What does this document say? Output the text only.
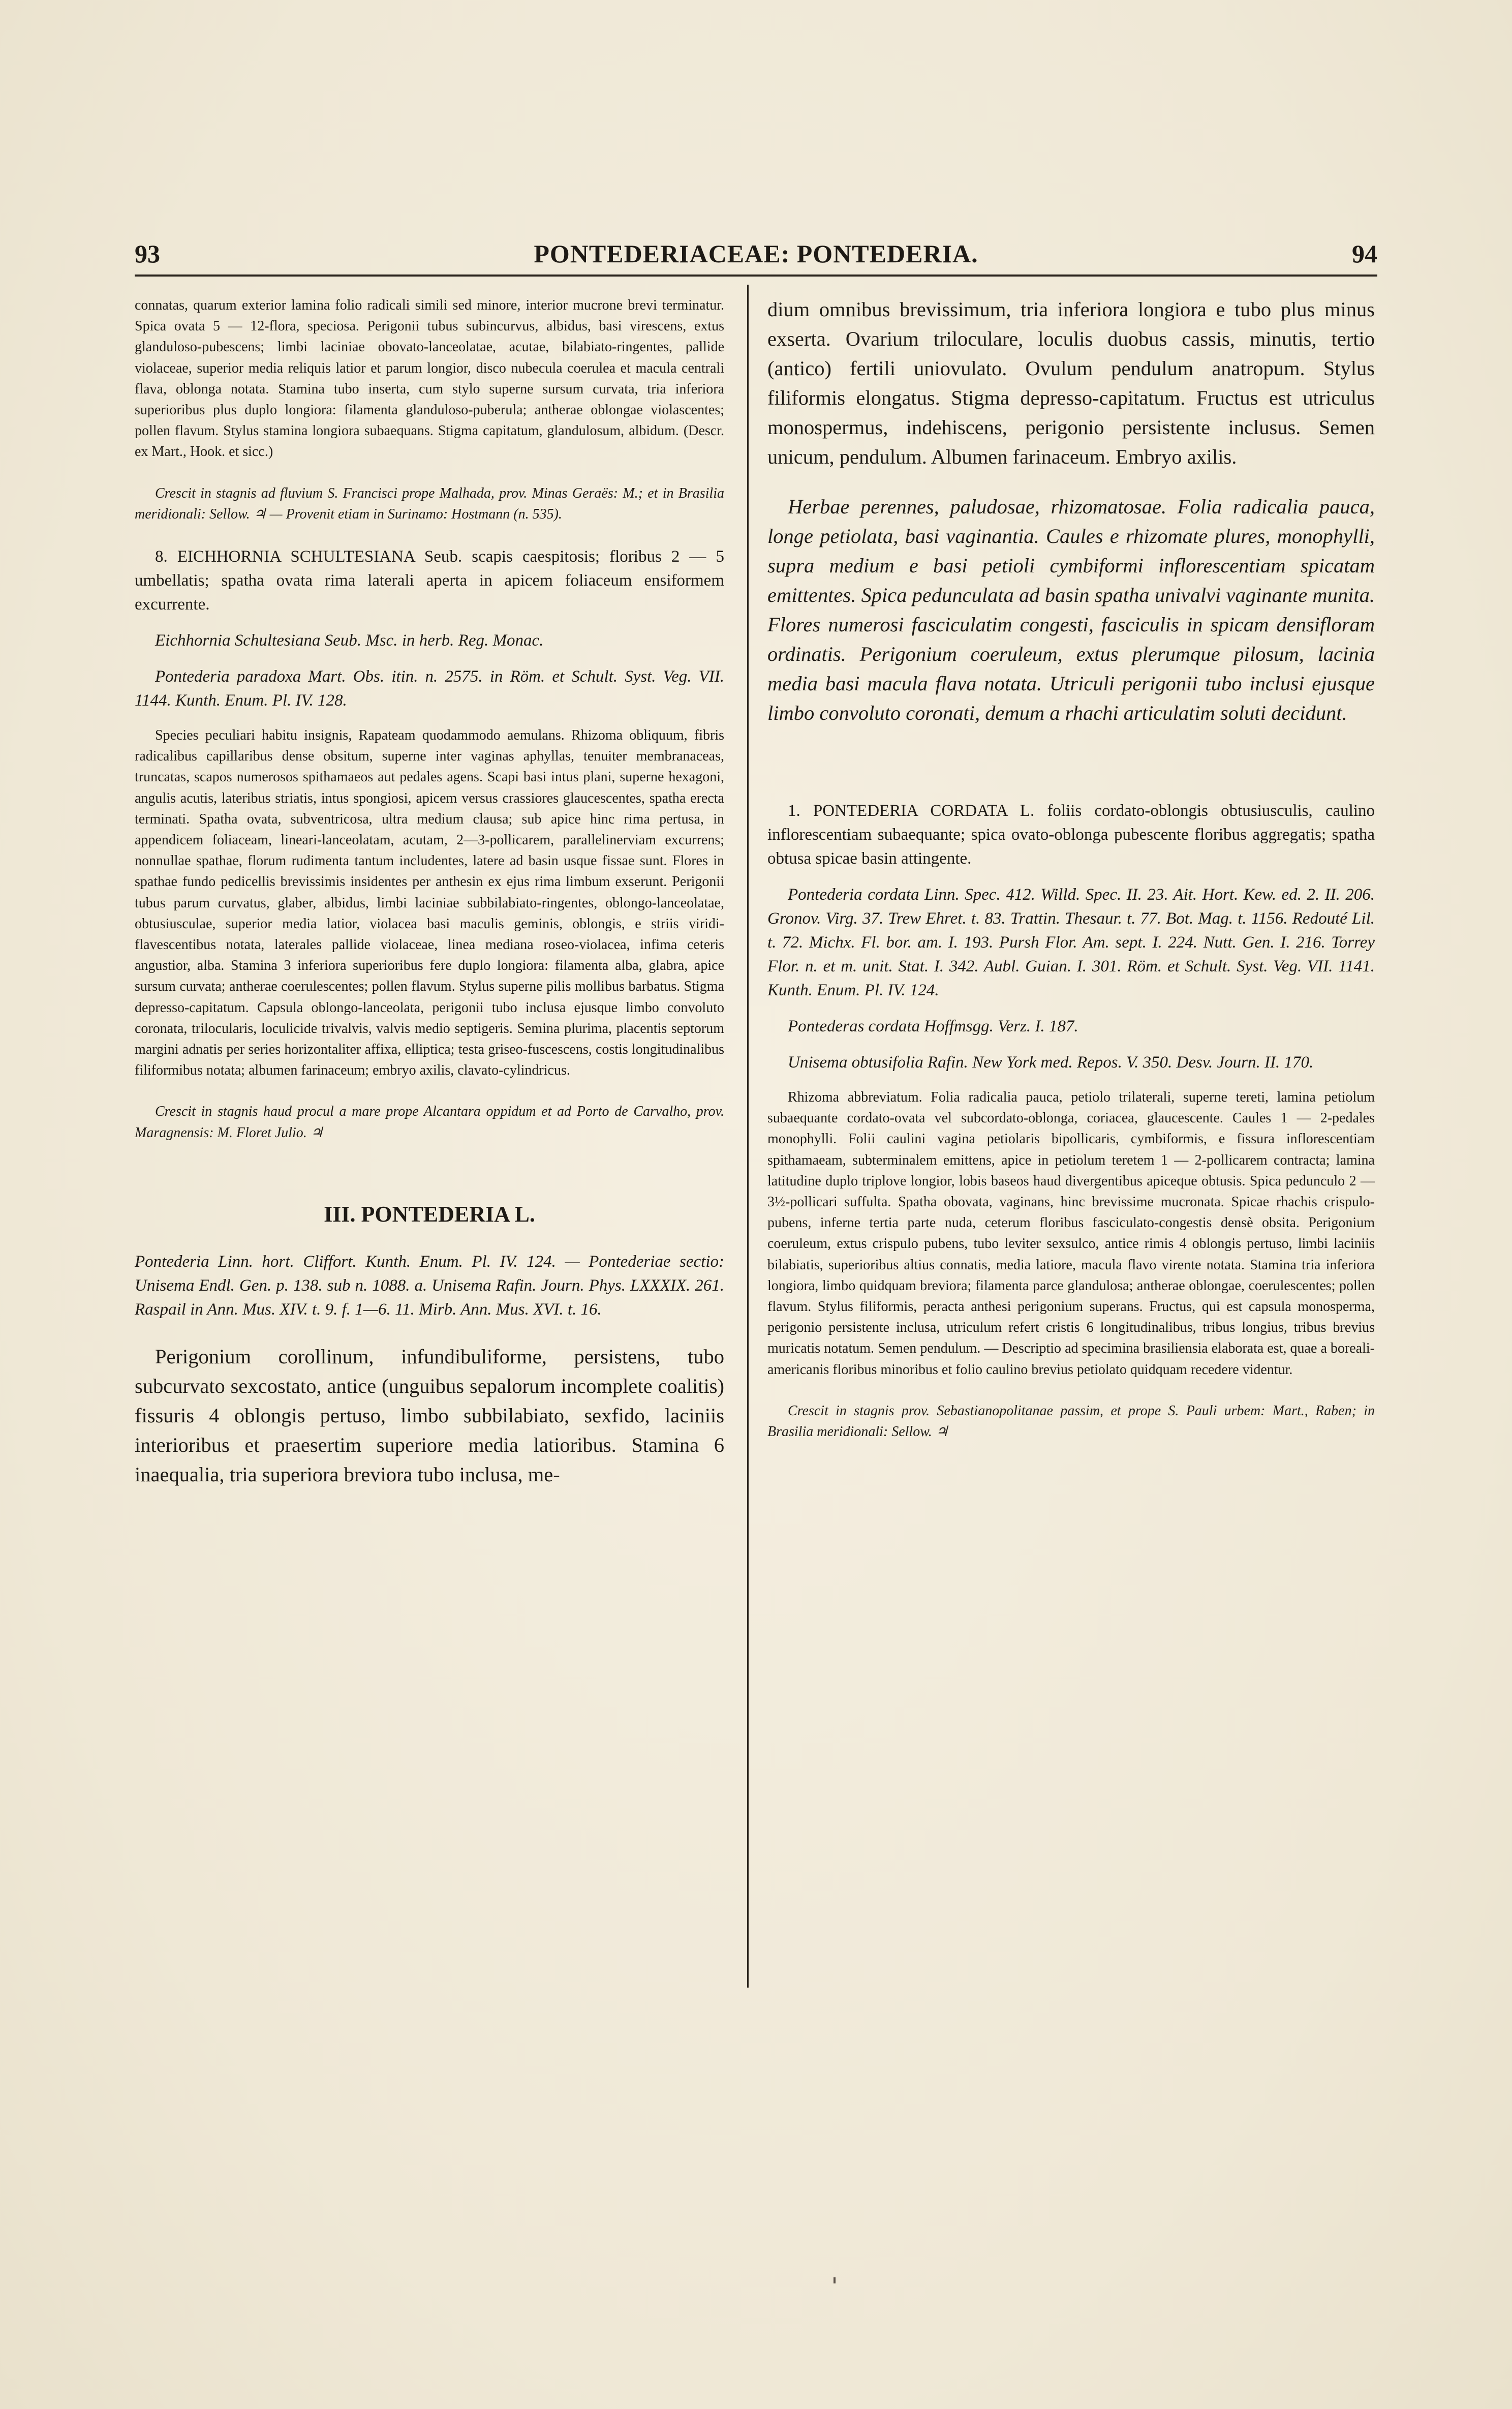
93	PONTEDERIACEAE: PONTEDERIA.	94

connatas, quarum exterior lamina folio radicali simili sed minore, interior mucrone brevi terminatur. Spica ovata 5 — 12-flora, speciosa. Perigonii tubus subincurvus, albidus, basi virescens, extus glanduloso-pubescens; limbi laciniae obovato-lanceolatae, acutae, bilabiato-ringentes, pallide violaceae, superior media reliquis latior et parum longior, disco nubecula coerulea et macula centrali flava, oblonga notata. Stamina tubo inserta, cum stylo superne sursum curvata, tria inferiora superioribus plus duplo longiora: filamenta glanduloso-puberula; antherae oblongae violascentes; pollen flavum. Stylus stamina longiora subaequans. Stigma capitatum, glandulosum, albidum. (Descr. ex Mart., Hook. et sicc.)

Crescit in stagnis ad fluvium S. Francisci prope Malhada, prov. Minas Geraës: M.; et in Brasilia meridionali: Sellow. ♃ — Provenit etiam in Surinamo: Hostmann (n. 535).

8. EICHHORNIA SCHULTESIANA Seub. scapis caespitosis; floribus 2 — 5 umbellatis; spatha ovata rima laterali aperta in apicem foliaceum ensiformem excurrente.

Eichhornia Schultesiana Seub. Msc. in herb. Reg. Monac.

Pontederia paradoxa Mart. Obs. itin. n. 2575. in Röm. et Schult. Syst. Veg. VII. 1144. Kunth. Enum. Pl. IV. 128.

Species peculiari habitu insignis, Rapateam quodammodo aemulans. Rhizoma obliquum, fibris radicalibus capillaribus dense obsitum, superne inter vaginas aphyllas, tenuiter membranaceas, truncatas, scapos numerosos spithamaeos aut pedales agens. Scapi basi intus plani, superne hexagoni, angulis acutis, lateribus striatis, intus spongiosi, apicem versus crassiores glaucescentes, spatha erecta terminati. Spatha ovata, subventricosa, ultra medium clausa; sub apice hinc rima pertusa, in appendicem foliaceam, lineari-lanceolatam, acutam, 2—3-pollicarem, parallelinerviam excurrens; nonnullae spathae, florum rudimenta tantum includentes, latere ad basin usque fissae sunt. Flores in spathae fundo pedicellis brevissimis insidentes per anthesin ex ejus rima limbum exserunt. Perigonii tubus parum curvatus, glaber, albidus, limbi laciniae subbilabiato-ringentes, oblongo-lanceolatae, obtusiusculae, superior media latior, violacea basi maculis geminis, oblongis, e striis viridi-flavescentibus notata, laterales pallide violaceae, linea mediana roseo-violacea, infima ceteris angustior, alba. Stamina 3 inferiora superioribus fere duplo longiora: filamenta alba, glabra, apice sursum curvata; antherae coerulescentes; pollen flavum. Stylus superne pilis mollibus barbatus. Stigma depresso-capitatum. Capsula oblongo-lanceolata, perigonii tubo inclusa ejusque limbo convoluto coronata, trilocularis, loculicide trivalvis, valvis medio septigeris. Semina plurima, placentis septorum margini adnatis per series horizontaliter affixa, elliptica; testa griseo-fuscescens, costis longitudinalibus filiformibus notata; albumen farinaceum; embryo axilis, clavato-cylindricus.

Crescit in stagnis haud procul a mare prope Alcantara oppidum et ad Porto de Carvalho, prov. Maragnensis: M. Floret Julio. ♃

III. PONTEDERIA L.

Pontederia Linn. hort. Cliffort. Kunth. Enum. Pl. IV. 124. — Pontederiae sectio: Unisema Endl. Gen. p. 138. sub n. 1088. a. Unisema Rafin. Journ. Phys. LXXXIX. 261. Raspail in Ann. Mus. XIV. t. 9. f. 1—6. 11. Mirb. Ann. Mus. XVI. t. 16.

Perigonium corollinum, infundibuliforme, persistens, tubo subcurvato sexcostato, antice (unguibus sepalorum incomplete coalitis) fissuris 4 oblongis pertuso, limbo subbilabiato, sexfido, laciniis interioribus et praesertim superiore media latioribus. Stamina 6 inaequalia, tria superiora breviora tubo inclusa, me-

dium omnibus brevissimum, tria inferiora longiora e tubo plus minus exserta. Ovarium triloculare, loculis duobus cassis, minutis, tertio (antico) fertili uniovulato. Ovulum pendulum anatropum. Stylus filiformis elongatus. Stigma depresso-capitatum. Fructus est utriculus monospermus, indehiscens, perigonio persistente inclusus. Semen unicum, pendulum. Albumen farinaceum. Embryo axilis.

Herbae perennes, paludosae, rhizomatosae. Folia radicalia pauca, longe petiolata, basi vaginantia. Caules e rhizomate plures, monophylli, supra medium e basi petioli cymbiformi inflorescentiam spicatam emittentes. Spica pedunculata ad basin spatha univalvi vaginante munita. Flores numerosi fasciculatim congesti, fasciculis in spicam densifloram ordinatis. Perigonium coeruleum, extus plerumque pilosum, lacinia media basi macula flava notata. Utriculi perigonii tubo inclusi ejusque limbo convoluto coronati, demum a rhachi articulatim soluti decidunt.

1. PONTEDERIA CORDATA L. foliis cordato-oblongis obtusiusculis, caulino inflorescentiam subaequante; spica ovato-oblonga pubescente floribus aggregatis; spatha obtusa spicae basin attingente.

Pontederia cordata Linn. Spec. 412. Willd. Spec. II. 23. Ait. Hort. Kew. ed. 2. II. 206. Gronov. Virg. 37. Trew Ehret. t. 83. Trattin. Thesaur. t. 77. Bot. Mag. t. 1156. Redouté Lil. t. 72. Michx. Fl. bor. am. I. 193. Pursh Flor. Am. sept. I. 224. Nutt. Gen. I. 216. Torrey Flor. n. et m. unit. Stat. I. 342. Aubl. Guian. I. 301. Röm. et Schult. Syst. Veg. VII. 1141. Kunth. Enum. Pl. IV. 124.

Pontederas cordata Hoffmsgg. Verz. I. 187.

Unisema obtusifolia Rafin. New York med. Repos. V. 350. Desv. Journ. II. 170.

Rhizoma abbreviatum. Folia radicalia pauca, petiolo trilaterali, superne tereti, lamina petiolum subaequante cordato-ovata vel subcordato-oblonga, coriacea, glaucescente. Caules 1 — 2-pedales monophylli. Folii caulini vagina petiolaris bipollicaris, cymbiformis, e fissura inflorescentiam spithamaeam, subterminalem emittens, apice in petiolum teretem 1 — 2-pollicarem contracta; lamina latitudine duplo triplove longior, lobis baseos haud divergentibus apiceque obtusis. Spica pedunculo 2 — 3½-pollicari suffulta. Spatha obovata, vaginans, hinc brevissime mucronata. Spicae rhachis crispulo-pubens, inferne tertia parte nuda, ceterum floribus fasciculato-congestis densè obsita. Perigonium coeruleum, extus crispulo pubens, tubo leviter sexsulco, antice rimis 4 oblongis pertuso, limbi laciniis bilabiatis, superioribus altius connatis, media latiore, macula flavo virente notata. Stamina tria inferiora longiora, limbo quidquam breviora; filamenta parce glandulosa; antherae oblongae, coerulescentes; pollen flavum. Stylus filiformis, peracta anthesi perigonium superans. Fructus, qui est capsula monosperma, perigonio persistente inclusa, utriculum refert cristis 6 longitudinalibus, tribus longius, tribus brevius muricatis notatum. Semen pendulum. — Descriptio ad specimina brasiliensia elaborata est, quae a boreali-americanis floribus minoribus et folio caulino brevius petiolato quidquam recedere videntur.

Crescit in stagnis prov. Sebastianopolitanae passim, et prope S. Pauli urbem: Mart., Raben; in Brasilia meridionali: Sellow. ♃
